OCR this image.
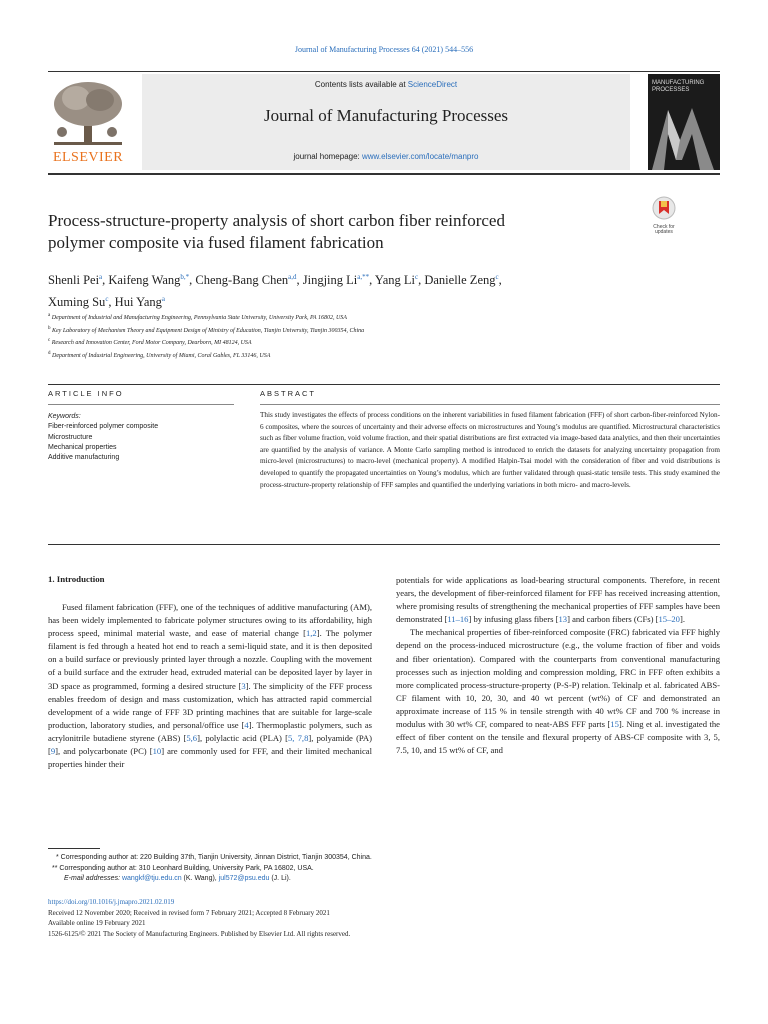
Journal of Manufacturing Processes 64 (2021) 544–556
ELSEVIER
Contents lists available at ScienceDirect
Journal of Manufacturing Processes
journal homepage: www.elsevier.com/locate/manpro
MANUFACTURING PROCESSES
Check for updates
Process-structure-property analysis of short carbon fiber reinforced
polymer composite via fused filament fabrication
Shenli Pei$^a$, Kaifeng Wang$^{b,*}$, Cheng-Bang Chen$^{a,d}$, Jingjing $Li^{a,**}$, Yang Li$^c$, Danielle Zeng$^c$,
Xuming Su$^c$, Hui Yang$^a$
$^a$ Department of Industrial and Manufacturing Engineering, Pennsylvania State University, University Park, PA 16802, USA
$^b$ Key Laboratory of Mechanism Theory and Equipment Design of Ministry of Education, Tianjin University, Tianjin 300354, China
$^c$ Research and Innovation Center, Ford Motor Company, Dearborn, MI 48124, USA
$^d$ Department of Industrial Engineering, University of Miami, Coral Gables, FL 33146, USA
ARTICLE INFO	ABSTRACT
Keywords:
Fiber-reinforced polymer composite
Microstructure
Mechanical properties
Additive manufacturing
This study investigates the effects of process conditions on the inherent variabilities in fused filament fabrication (FFF) of short carbon-fiber-reinforced Nylon-6 composites, where the sources of uncertainty and their adverse effects on microstructures and Young’s modulus are quantified. Microstructural characteristics such as fiber volume fraction, void volume fraction, and their spatial distributions are first extracted via image-based data analytics, and then their uncertainties are quantified by the analysis of variance. A Monte Carlo sampling method is introduced to enrich the datasets for analyzing uncertainty propagation from micro-level (microstructures) to macro-level (mechanical property). A modified Halpin-Tsai model with the consideration of fiber and void distributions is developed to quantify the propagated uncertainties on Young’s modulus, which are further validated through quasi-static tensile tests. This study examined the process-structure-property relationship of FFF samples and quantified the underlying variations in both micro- and macro-levels.
1. Introduction

Fused filament fabrication (FFF), one of the techniques of additive manufacturing (AM), has been widely implemented to fabricate polymer structures owing to its affordability, high process speed, minimal material waste, and ease of material change [1,2]. The polymer filament is fed through a heated hot end to reach a semi-liquid state, and it is then deposited on a build surface or previously printed layer through a nozzle. Coupling with the movement of a build surface and the extruder head, extruded material can be deposited layer by layer in 3D space as programmed, forming a desired structure [3]. The simplicity of the FFF process enables freedom of design and mass customization, which has attracted rapid commercial development of a wide range of FFF 3D printing machines that are suitable for large-scale production, laboratory studies, and personal/office use [4]. Thermoplastic polymers, such as acrylonitrile butadiene styrene (ABS) [5,6], polylactic acid (PLA) [5, 7,8], polyamide (PA) [9], and polycarbonate (PC) [10] are commonly used for FFF, and their limited mechanical properties hinder their

potentials for wide applications as load-bearing structural components. Therefore, in recent years, the development of fiber-reinforced filament for FFF has received increasing attention, where promising results of strengthening the mechanical properties of FFF samples have been demonstrated [11–16] by infusing glass fibers [13] and carbon fibers (CFs) [15–20].

The mechanical properties of fiber-reinforced composite (FRC) fabricated via FFF highly depend on the process-induced microstructure (e.g., the volume fraction of fiber and voids and fiber orientation). Compared with the counterparts from conventional manufacturing processes such as injection molding and compression molding, FRC in FFF often exhibits a more complicated process-structure-property (P-S-P) relation. Tekinalp et al. fabricated ABS-CF filament with 10, 20, 30, and 40 wt percent (wt%) of CF and demonstrated an approximate increase of 115 % in tensile strength with 40 wt% CF and 700 % increase in modulus with 30 wt% CF, compared to neat-ABS FFF parts [15]. Ning et al. investigated the effect of fiber content on the tensile and flexural property of ABS-CF composite with 3, 5, 7.5, 10, and 15 wt% of CF, and

* Corresponding author at: 220 Building 37th, Tianjin University, Jinnan District, Tianjin 300354, China.
** Corresponding author at: 310 Leonhard Building, University Park, PA 16802, USA.
E-mail addresses: wangkf@tju.edu.cn (K. Wang), jul572@psu.edu (J. Li).
https://doi.org/10.1016/j.jmapro.2021.02.019
Received 12 November 2020; Received in revised form 7 February 2021; Accepted 8 February 2021
Available online 19 February 2021
1526-6125/© 2021 The Society of Manufacturing Engineers. Published by Elsevier Ltd. All rights reserved.
